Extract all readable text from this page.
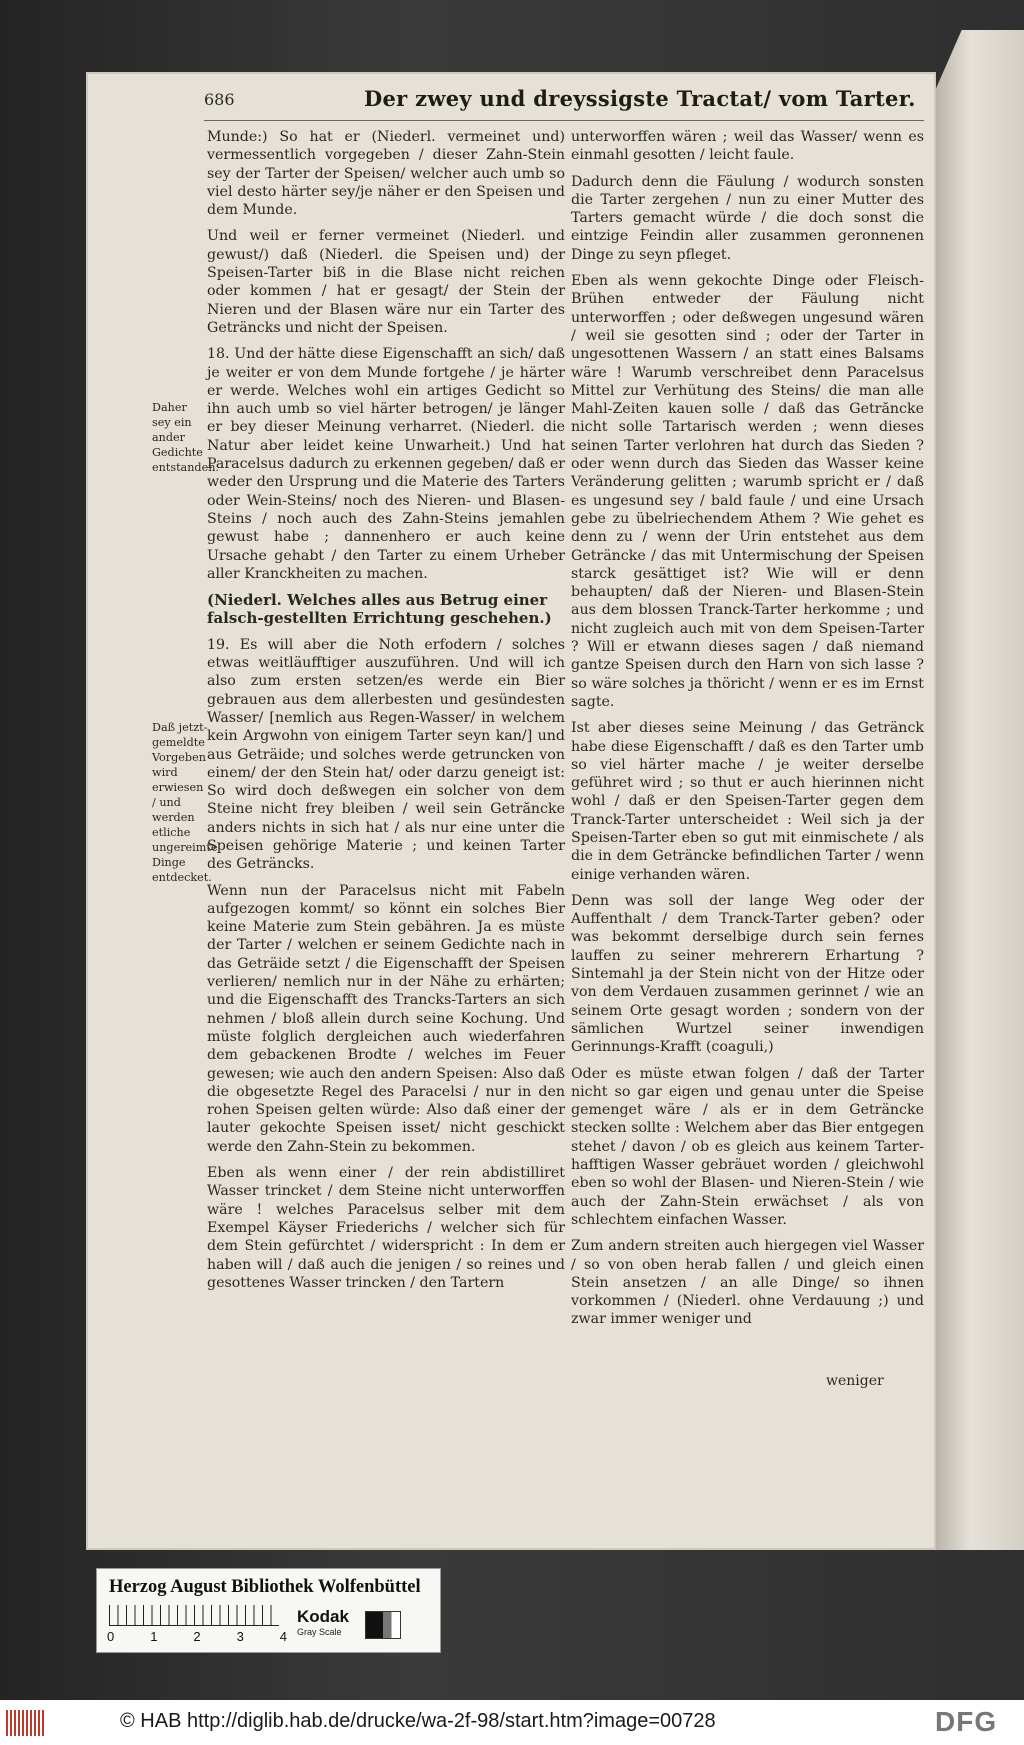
686	Der zwey und dreyssigste Tractat/ vom Tarter.
Daher sey ein ander Gedichte entstanden.
Daß jetzt-gemeldte Vorgeben wird erwiesen / und werden etliche ungereimte Dinge entdecket.

Munde:) So hat er (Niederl. vermeinet und) vermessentlich vorgegeben / dieser Zahn-Stein sey der Tarter der Speisen/ welcher auch umb so viel desto härter sey/je näher er den Speisen und dem Munde.

Und weil er ferner vermeinet (Niederl. und gewust/) daß (Niederl. die Speisen und) der Speisen-Tarter biß in die Blase nicht reichen oder kommen / hat er gesagt/ der Stein der Nieren und der Blasen wäre nur ein Tarter des Geträncks und nicht der Speisen.

18. Und der hätte diese Eigenschafft an sich/ daß je weiter er von dem Munde fortgehe / je härter er werde. Welches wohl ein artiges Gedicht so ihn auch umb so viel härter betrogen/ je länger er bey dieser Meinung verharret. (Niederl. die Natur aber leidet keine Unwarheit.) Und hat Paracelsus dadurch zu erkennen gegeben/ daß er weder den Ursprung und die Materie des Tarters oder Wein-Steins/ noch des Nieren- und Blasen-Steins / noch auch des Zahn-Steins jemahlen gewust habe ; dannenhero er auch keine Ursache gehabt / den Tarter zu einem Urheber aller Kranckheiten zu machen.

(Niederl. Welches alles aus Betrug einer falsch-gestellten Errichtung geschehen.)

19. Es will aber die Noth erfodern / solches etwas weitläufftiger auszuführen. Und will ich also zum ersten setzen/es werde ein Bier gebrauen aus dem allerbesten und gesündesten Wasser/ [nemlich aus Regen-Wasser/ in welchem kein Argwohn von einigem Tarter seyn kan/] und aus Geträide; und solches werde getruncken von einem/ der den Stein hat/ oder darzu geneigt ist: So wird doch deßwegen ein solcher von dem Steine nicht frey bleiben / weil sein Getrăncke anders nichts in sich hat / als nur eine unter die Speisen gehörige Materie ; und keinen Tarter des Geträncks.

Wenn nun der Paracelsus nicht mit Fabeln aufgezogen kommt/ so könnt ein solches Bier keine Materie zum Stein gebähren. Ja es müste der Tarter / welchen er seinem Gedichte nach in das Geträide setzt / die Eigenschafft der Speisen verlieren/ nemlich nur in der Nähe zu erhärten; und die Eigenschafft des Trancks-Tarters an sich nehmen / bloß allein durch seine Kochung. Und müste folglich dergleichen auch wiederfahren dem gebackenen Brodte / welches im Feuer gewesen; wie auch den andern Speisen: Also daß die obgesetzte Regel des Paracelsi / nur in den rohen Speisen gelten würde: Also daß einer der lauter gekochte Speisen isset/ nicht geschickt werde den Zahn-Stein zu bekommen.

Eben als wenn einer / der rein abdistilliret Wasser trincket / dem Steine nicht unterworffen wäre ! welches Paracelsus selber mit dem Exempel Käyser Friederichs / welcher sich für dem Stein gefürchtet / widerspricht : In dem er haben will / daß auch die jenigen / so reines und gesottenes Wasser trincken / den Tartern

unterworffen wären ; weil das Wasser/ wenn es einmahl gesotten / leicht faule.

Dadurch denn die Fäulung / wodurch sonsten die Tarter zergehen / nun zu einer Mutter des Tarters gemacht würde / die doch sonst die eintzige Feindin aller zusammen geronnenen Dinge zu seyn pfleget.

Eben als wenn gekochte Dinge oder Fleisch-Brühen entweder der Fäulung nicht unterworffen ; oder deßwegen ungesund wären / weil sie gesotten sind ; oder der Tarter in ungesottenen Wassern / an statt eines Balsams wäre ! Warumb verschreibet denn Paracelsus Mittel zur Verhütung des Steins/ die man alle Mahl-Zeiten kauen solle / daß das Getrăncke nicht solle Tartarisch werden ; wenn dieses seinen Tarter verlohren hat durch das Sieden ? oder wenn durch das Sieden das Wasser keine Veränderung gelitten ; warumb spricht er / daß es ungesund sey / bald faule / und eine Ursach gebe zu übelriechendem Athem ? Wie gehet es denn zu / wenn der Urin entstehet aus dem Geträncke / das mit Untermischung der Speisen starck gesättiget ist? Wie will er denn behaupten/ daß der Nieren- und Blasen-Stein aus dem blossen Tranck-Tarter herkomme ; und nicht zugleich auch mit von dem Speisen-Tarter ? Will er etwann dieses sagen / daß niemand gantze Speisen durch den Harn von sich lasse ? so wäre solches ja thöricht / wenn er es im Ernst sagte.

Ist aber dieses seine Meinung / das Getränck habe diese Eigenschafft / daß es den Tarter umb so viel härter mache / je weiter derselbe geführet wird ; so thut er auch hierinnen nicht wohl / daß er den Speisen-Tarter gegen dem Tranck-Tarter unterscheidet : Weil sich ja der Speisen-Tarter eben so gut mit einmischete / als die in dem Geträncke befindlichen Tarter / wenn einige verhanden wären.

Denn was soll der lange Weg oder der Auffenthalt / dem Tranck-Tarter geben? oder was bekommt derselbige durch sein fernes lauffen zu seiner mehrerern Erhartung ? Sintemahl ja der Stein nicht von der Hitze oder von dem Verdauen zusammen gerinnet / wie an seinem Orte gesagt worden ; sondern von der sämlichen Wurtzel seiner inwendigen Gerinnungs-Krafft (coaguli,)

Oder es müste etwan folgen / daß der Tarter nicht so gar eigen und genau unter die Speise gemenget wäre / als er in dem Geträncke stecken sollte : Welchem aber das Bier entgegen stehet / davon / ob es gleich aus keinem Tarter-hafftigen Wasser gebräuet worden / gleichwohl eben so wohl der Blasen- und Nieren-Stein / wie auch der Zahn-Stein erwächset / als von schlechtem einfachen Wasser.

Zum andern streiten auch hiergegen viel Wasser / so von oben herab fallen / und gleich einen Stein ansetzen / an alle Dinge/ so ihnen vorkommen / (Niederl. ohne Verdauung ;) und zwar immer weniger und

weniger
Herzog August Bibliothek Wolfenbüttel
0	1	2	3	4
Kodak
Gray Scale
© HAB http://diglib.hab.de/drucke/wa-2f-98/start.htm?image=00728	DFG
